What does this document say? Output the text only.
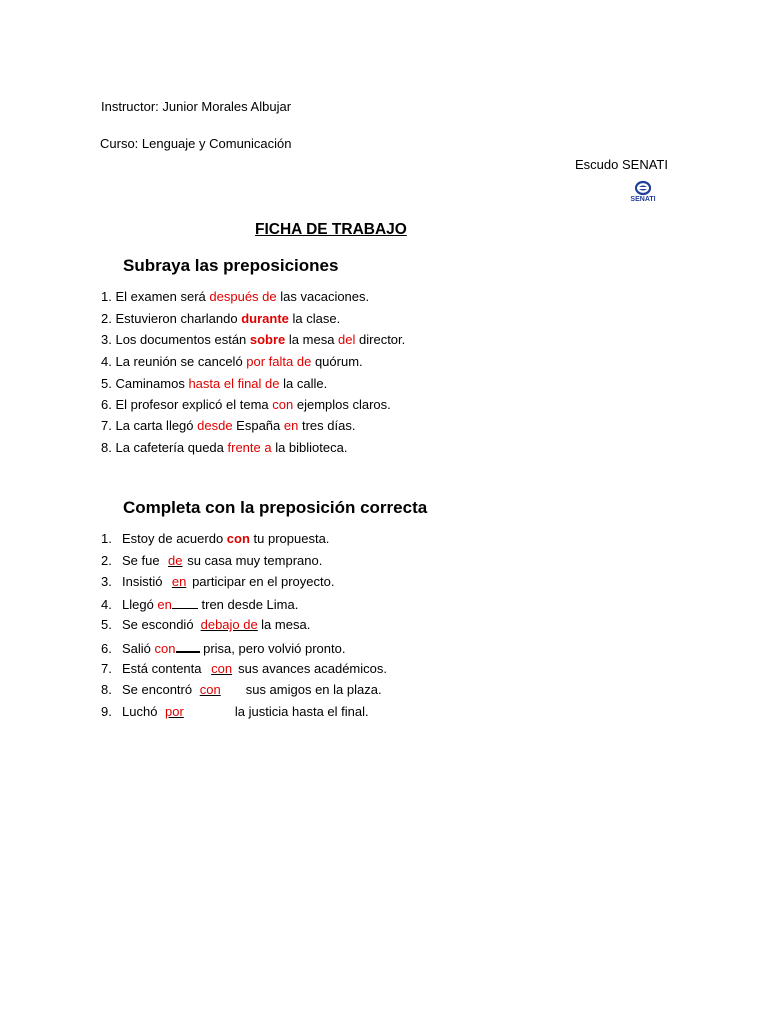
Instructor: Junior Morales Albujar
Curso: Lenguaje y Comunicación
Escudo SENATI
SENATI
FICHA DE TRABAJO
Subraya las preposiciones
1. El examen será después de las vacaciones.
2. Estuvieron charlando durante la clase.
3. Los documentos están sobre la mesa del director.
4. La reunión se canceló por falta de quórum.
5. Caminamos hasta el final de la calle.
6. El profesor explicó el tema con ejemplos claros.
7. La carta llegó desde España en tres días.
8. La cafetería queda frente a la biblioteca.
Completa con la preposición correcta
1. Estoy de acuerdo con tu propuesta.
2. Se fue de su casa muy temprano.
3. Insistió en participar en el proyecto.
4. Llegó en tren desde Lima.
5. Se escondió debajo de la mesa.
6. Salió con prisa, pero volvió pronto.
7. Está contenta con sus avances académicos.
8. Se encontró con sus amigos en la plaza.
9. Luchó por	la justicia hasta el final.
